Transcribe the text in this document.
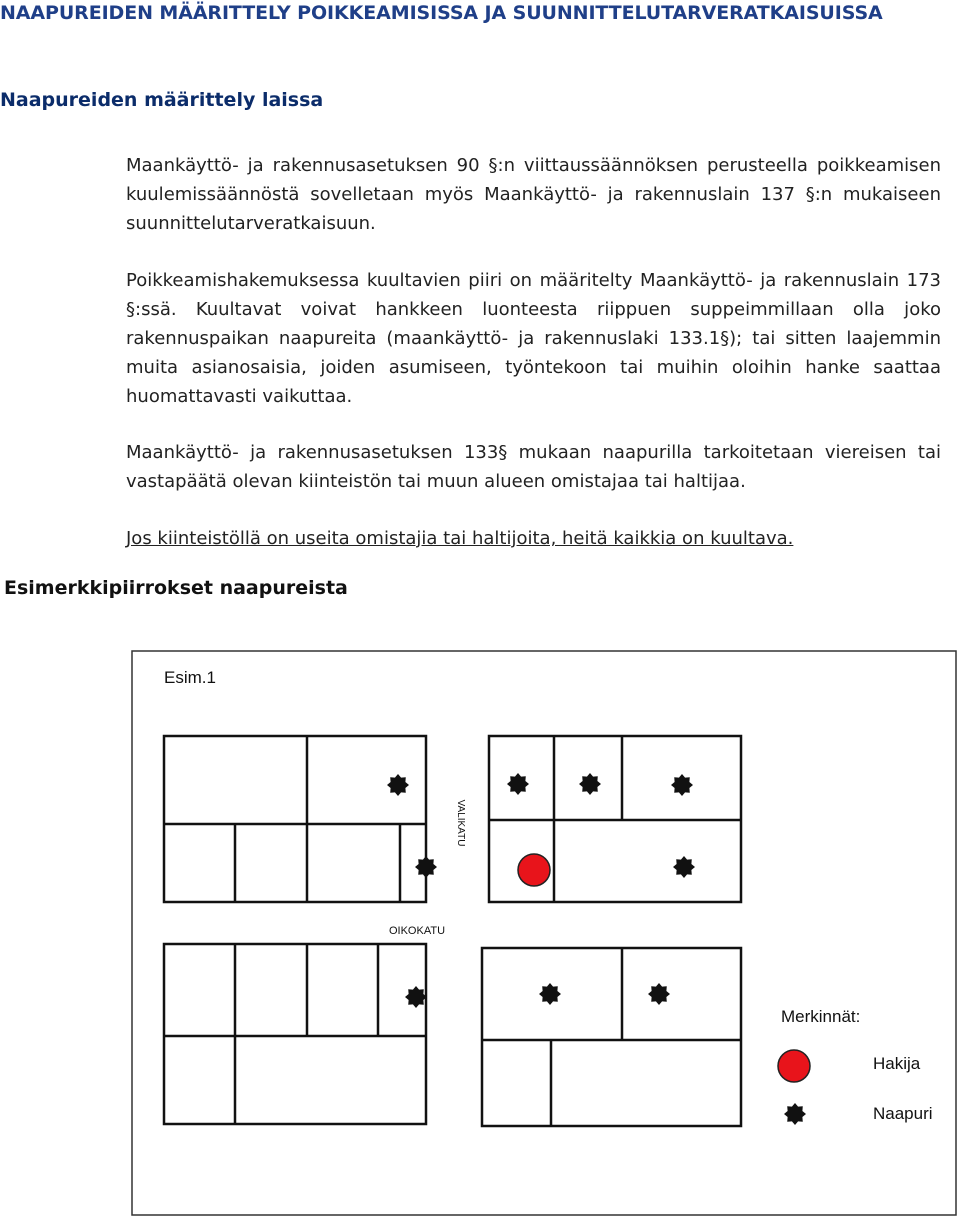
NAAPUREIDEN MÄÄRITTELY POIKKEAMISISSA JA SUUNNITTELUTARVERATKAISUISSA
Naapureiden määrittely laissa
Maankäyttö- ja rakennusasetuksen 90 §:n viittaussäännöksen perusteella poikkeamisen kuulemissäännöstä sovelletaan myös Maankäyttö- ja rakennuslain 137 §:n mukaiseen suunnittelutarveratkaisuun.
Poikkeamishakemuksessa kuultavien piiri on määritelty Maankäyttö- ja rakennuslain 173 §:ssä. Kuultavat voivat hankkeen luonteesta riippuen suppeimmillaan olla joko rakennuspaikan naapureita (maankäyttö- ja rakennuslaki 133.1§); tai sitten laajemmin muita asianosaisia, joiden asumiseen, työntekoon tai muihin oloihin hanke saattaa huomattavasti vaikuttaa.
Maankäyttö- ja rakennusasetuksen 133§ mukaan naapurilla tarkoitetaan viereisen tai vastapäätä olevan kiinteistön tai muun alueen omistajaa tai haltijaa.
Jos kiinteistöllä on useita omistajia tai haltijoita, heitä kaikkia on kuultava.
Esimerkkipiirrokset naapureista
Esim.1
VALIKATU
OIKOKATU
Merkinnät:
Hakija
Naapuri
